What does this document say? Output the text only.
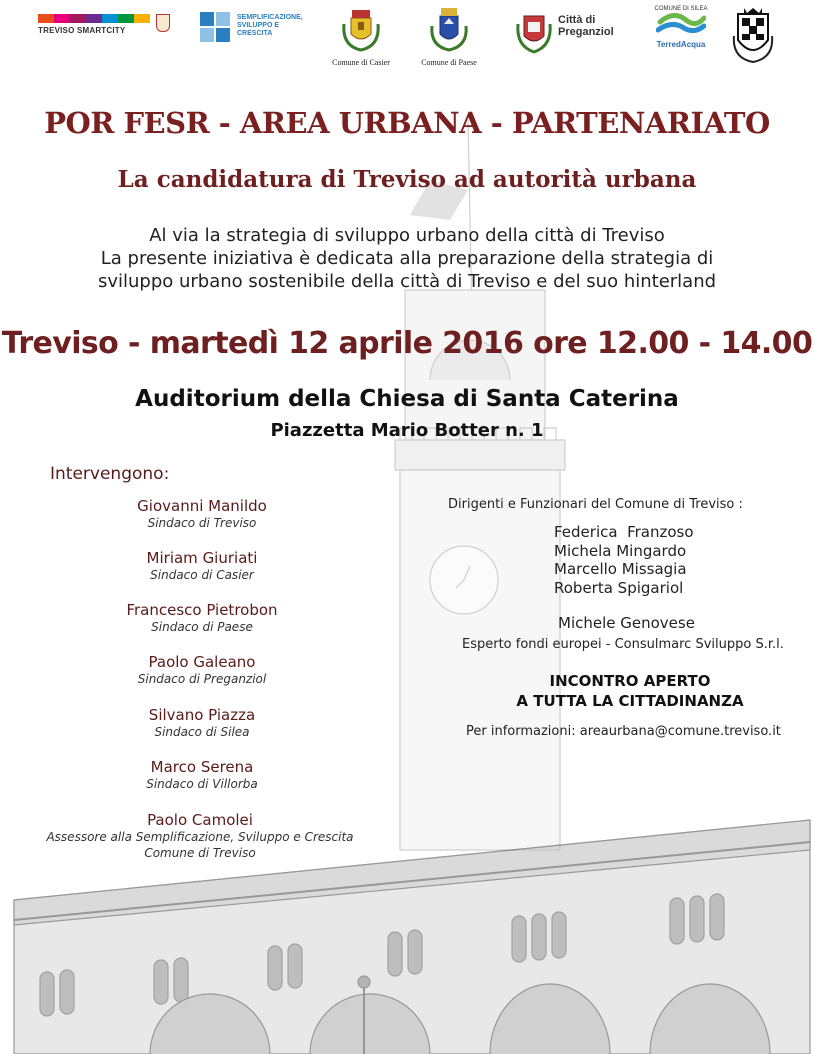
TREVISO SMARTCITY
SEMPLIFICAZIONE,
SVILUPPO E
CRESCITA
Comune di Casier	Comune di Paese
Città di
Preganziol
COMUNE DI SILEA
TerredAcqua
POR FESR - AREA URBANA - PARTENARIATO
La candidatura di Treviso ad autorità urbana
Al via la strategia di sviluppo urbano della città di Treviso
La presente iniziativa è dedicata alla preparazione della strategia di
sviluppo urbano sostenibile della città di Treviso e del suo hinterland
Treviso - martedì 12 aprile 2016 ore 12.00 - 14.00
Auditorium della Chiesa di Santa Caterina
Piazzetta Mario Botter n. 1
Intervengono:
Giovanni Manildo
Sindaco di Treviso
Miriam Giuriati
Sindaco di Casier
Francesco Pietrobon
Sindaco di Paese
Paolo Galeano
Sindaco di Preganziol
Silvano Piazza
Sindaco di Silea
Marco Serena
Sindaco di Villorba
Paolo Camolei
Assessore alla Semplificazione, Sviluppo e Crescita
Comune di Treviso
Dirigenti e Funzionari del Comune di Treviso :
Federica  Franzoso
Michela Mingardo
Marcello Missagia
Roberta Spigariol
Michele Genovese
Esperto fondi europei - Consulmarc Sviluppo S.r.l.
INCONTRO APERTO
A TUTTA LA CITTADINANZA
Per informazioni: areaurbana@comune.treviso.it
